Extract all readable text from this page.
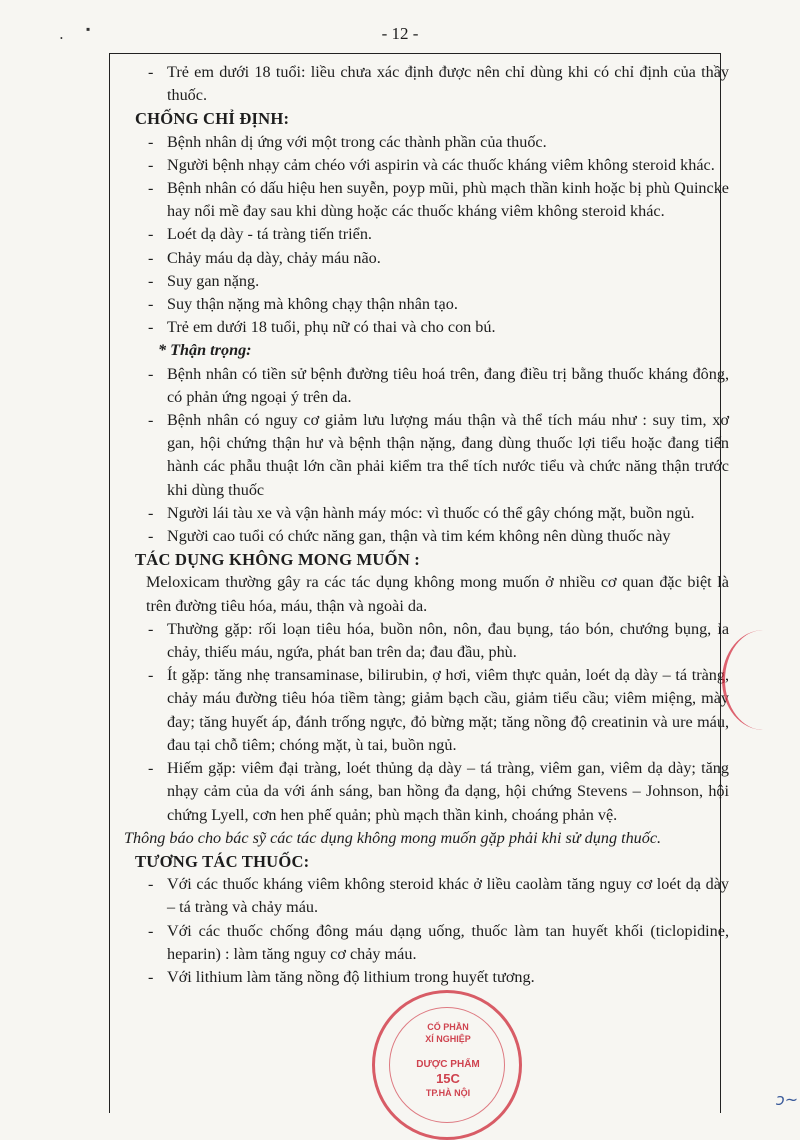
- 12 -
▪
•
- Trẻ em dưới 18 tuổi: liều chưa xác định được nên chỉ dùng khi có chỉ định của thầy thuốc.
CHỐNG CHỈ ĐỊNH:
- Bệnh nhân dị ứng với một trong các thành phần của thuốc.
- Người bệnh nhạy cảm chéo với aspirin và các thuốc kháng viêm không steroid khác.
- Bệnh nhân có dấu hiệu hen suyễn, poyp mũi, phù mạch thần kinh hoặc bị phù Quincke hay nổi mề đay sau khi dùng hoặc các thuốc kháng viêm không steroid khác.
- Loét dạ dày - tá tràng tiến triển.
- Chảy máu dạ dày, chảy máu não.
- Suy gan nặng.
- Suy thận nặng mà không chạy thận nhân tạo.
- Trẻ em dưới 18 tuổi, phụ nữ có thai và cho con bú.
* Thận trọng:
- Bệnh nhân có tiền sử bệnh đường tiêu hoá trên, đang điều trị bằng thuốc kháng đông, có phản ứng ngoại ý trên da.
- Bệnh nhân có nguy cơ giảm lưu lượng máu thận và thể tích máu như : suy tim, xơ gan, hội chứng thận hư và bệnh thận nặng, đang dùng thuốc lợi tiểu hoặc đang tiến hành các phẫu thuật lớn cần phải kiểm tra thể tích nước tiểu và chức năng thận trước khi dùng thuốc
- Người lái tàu xe và vận hành máy móc: vì thuốc có thể gây chóng mặt, buồn ngủ.
- Người cao tuổi có chức năng gan, thận và tim kém không nên dùng thuốc này
TÁC DỤNG KHÔNG MONG MUỐN :
Meloxicam thường gây ra các tác dụng không mong muốn ở nhiều cơ quan đặc biệt là trên đường tiêu hóa, máu, thận và ngoài da.
- Thường gặp: rối loạn tiêu hóa, buồn nôn, nôn, đau bụng, táo bón, chướng bụng, ỉa chảy, thiếu máu, ngứa, phát ban trên da; đau đầu, phù.
- Ít gặp: tăng nhẹ transaminase, bilirubin, ợ hơi, viêm thực quản, loét dạ dày – tá tràng, chảy máu đường tiêu hóa tiềm tàng; giảm bạch cầu, giảm tiểu cầu; viêm miệng, mày đay; tăng huyết áp, đánh trống ngực, đỏ bừng mặt; tăng nồng độ creatinin và ure máu, đau tại chỗ tiêm; chóng mặt, ù tai, buồn ngủ.
- Hiếm gặp: viêm đại tràng, loét thủng dạ dày – tá tràng, viêm gan, viêm dạ dày; tăng nhạy cảm của da với ánh sáng, ban hồng đa dạng, hội chứng Stevens – Johnson, hội chứng Lyell, cơn hen phế quản; phù mạch thần kinh, choáng phản vệ.
Thông báo cho bác sỹ các tác dụng không mong muốn gặp phải khi sử dụng thuốc.
TƯƠNG TÁC THUỐC:
- Với các thuốc kháng viêm không steroid khác ở liều caolàm tăng nguy cơ loét dạ dày – tá tràng và chảy máu.
- Với các thuốc chống đông máu dạng uống, thuốc làm tan huyết khối (ticlopidine, heparin) : làm tăng nguy cơ chảy máu.
- Với lithium làm tăng nồng độ lithium trong huyết tương.
CỔ PHẦN
XÍ NGHIỆP
DƯỢC PHẨM
15C
TP.HÀ NỘI	ↄ~
